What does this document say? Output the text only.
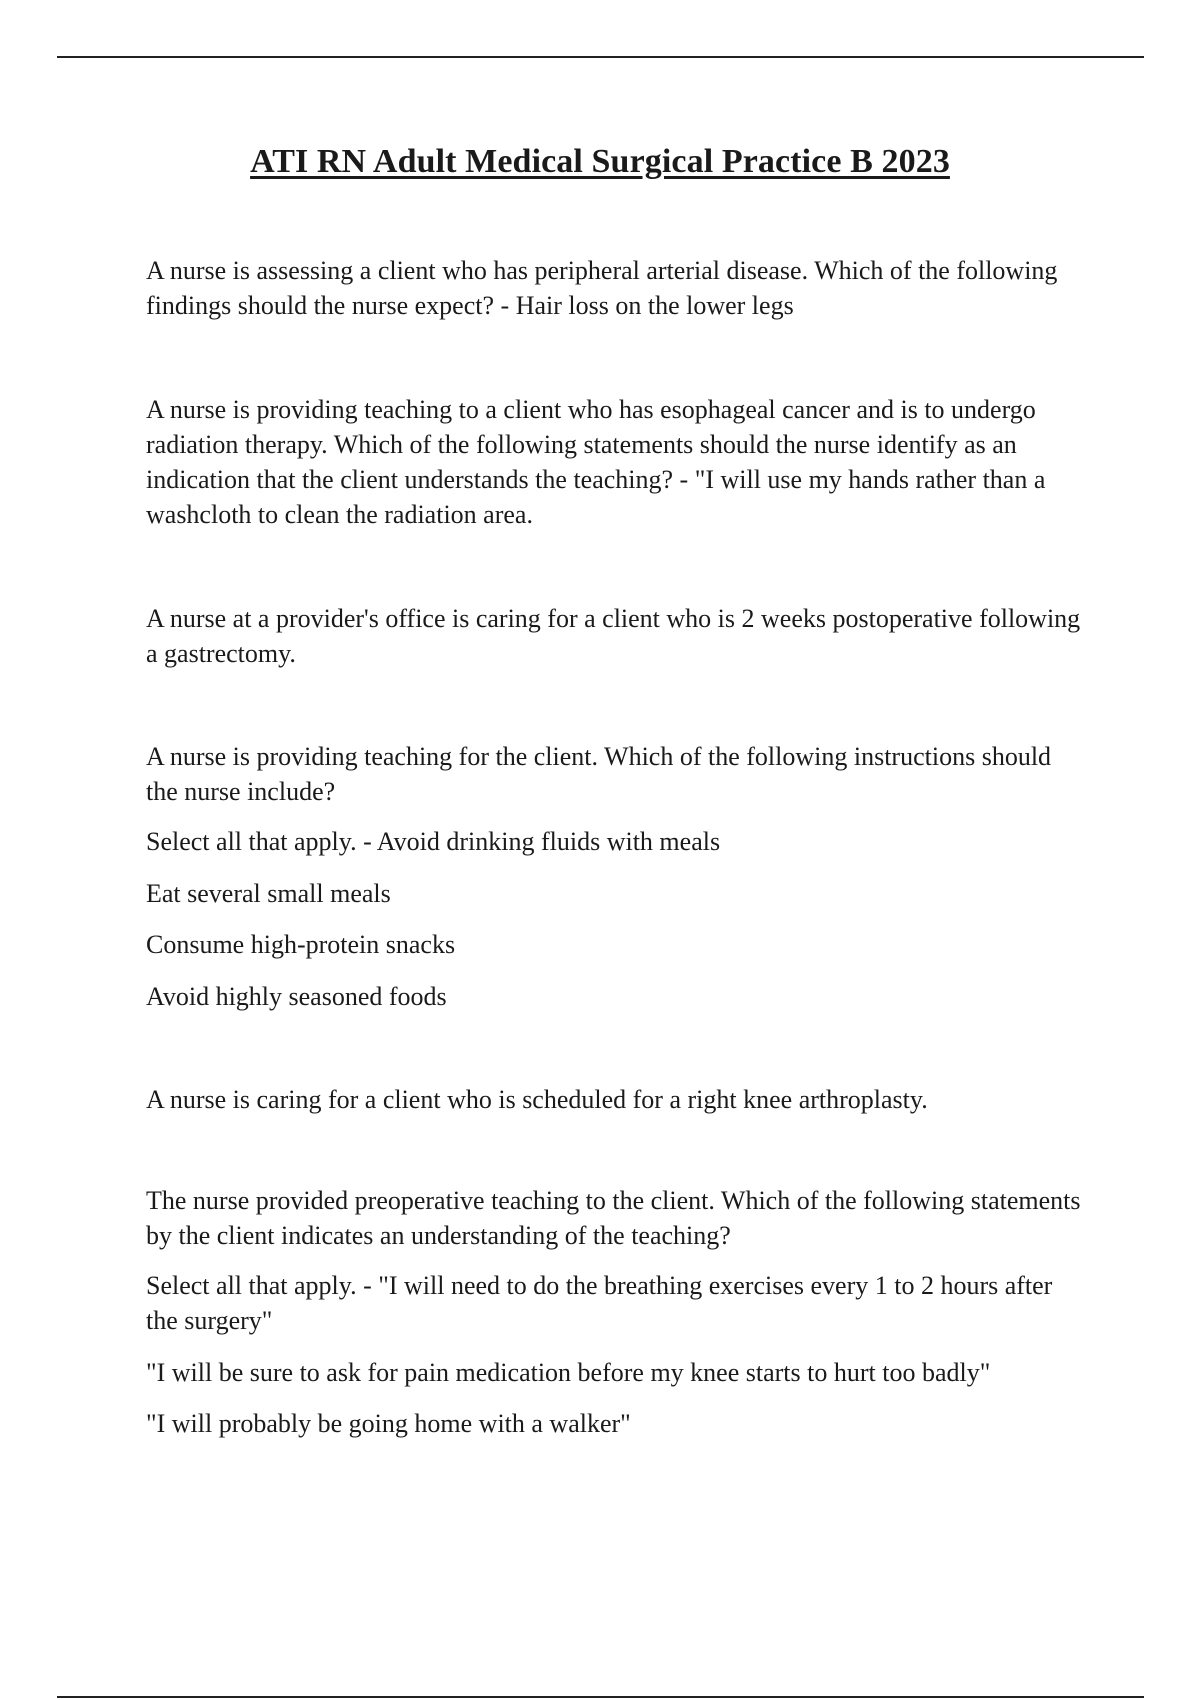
ATI RN Adult Medical Surgical Practice B 2023

A nurse is assessing a client who has peripheral arterial disease. Which of the following findings should the nurse expect? - Hair loss on the lower legs

A nurse is providing teaching to a client who has esophageal cancer and is to undergo radiation therapy. Which of the following statements should the nurse identify as an indication that the client understands the teaching? - "I will use my hands rather than a washcloth to clean the radiation area.

A nurse at a provider's office is caring for a client who is 2 weeks postoperative following a gastrectomy.

A nurse is providing teaching for the client. Which of the following instructions should the nurse include?

Select all that apply. - Avoid drinking fluids with meals

Eat several small meals

Consume high-protein snacks

Avoid highly seasoned foods

A nurse is caring for a client who is scheduled for a right knee arthroplasty.

The nurse provided preoperative teaching to the client. Which of the following statements by the client indicates an understanding of the teaching?

Select all that apply. - "I will need to do the breathing exercises every 1 to 2 hours after the surgery"

"I will be sure to ask for pain medication before my knee starts to hurt too badly"

"I will probably be going home with a walker"
